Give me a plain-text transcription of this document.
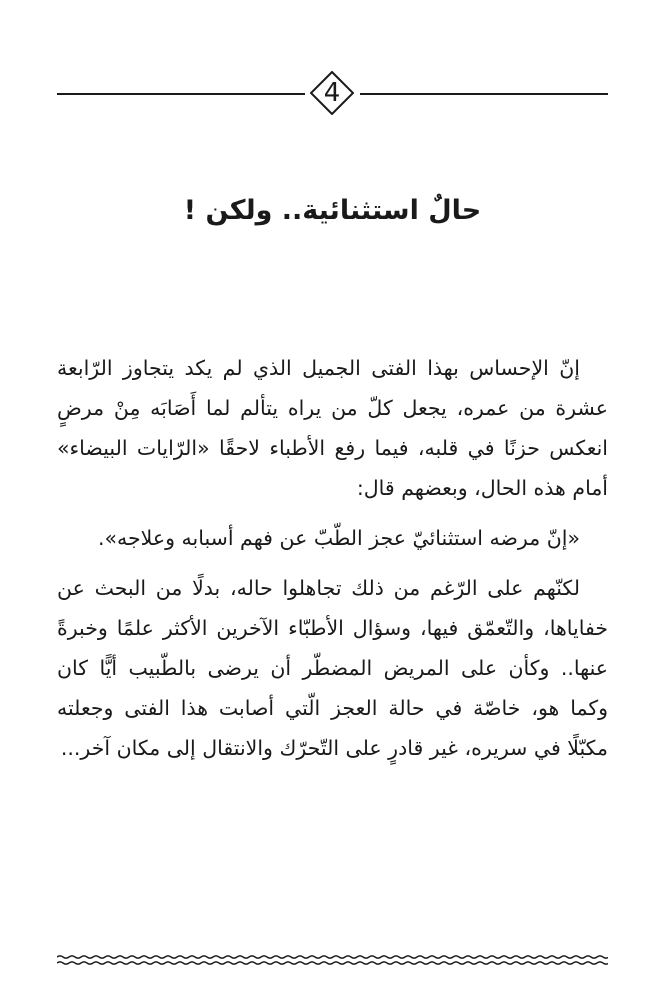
4
حالٌ استثنائية.. ولكن !

إنّ الإحساس بهذا الفتى الجميل الذي لم يكد يتجاوز الرّابعة عشرة من عمره، يجعل كلّ من يراه يتألم لما أَصَابَه مِنْ مرضٍ انعكس حزنًا في قلبه، فيما رفع الأطباء لاحقًا «الرّايات البيضاء» أمام هذه الحال، وبعضهم قال:

«إنّ مرضه استثنائيّ عجز الطّبّ عن فهم أسبابه وعلاجه».

لكنّهم على الرّغم من ذلك تجاهلوا حاله، بدلًا من البحث عن خفاياها، والتّعمّق فيها، وسؤال الأطبّاء الآخرين الأكثر علمًا وخبرةً عنها.. وكأن على المريض المضطّر أن يرضى بالطّبيب أيًّا كان وكما هو، خاصّة في حالة العجز الّتي أصابت هذا الفتى وجعلته مكبّلًا في سريره، غير قادرٍ على التّحرّك والانتقال إلى مكان آخر...
